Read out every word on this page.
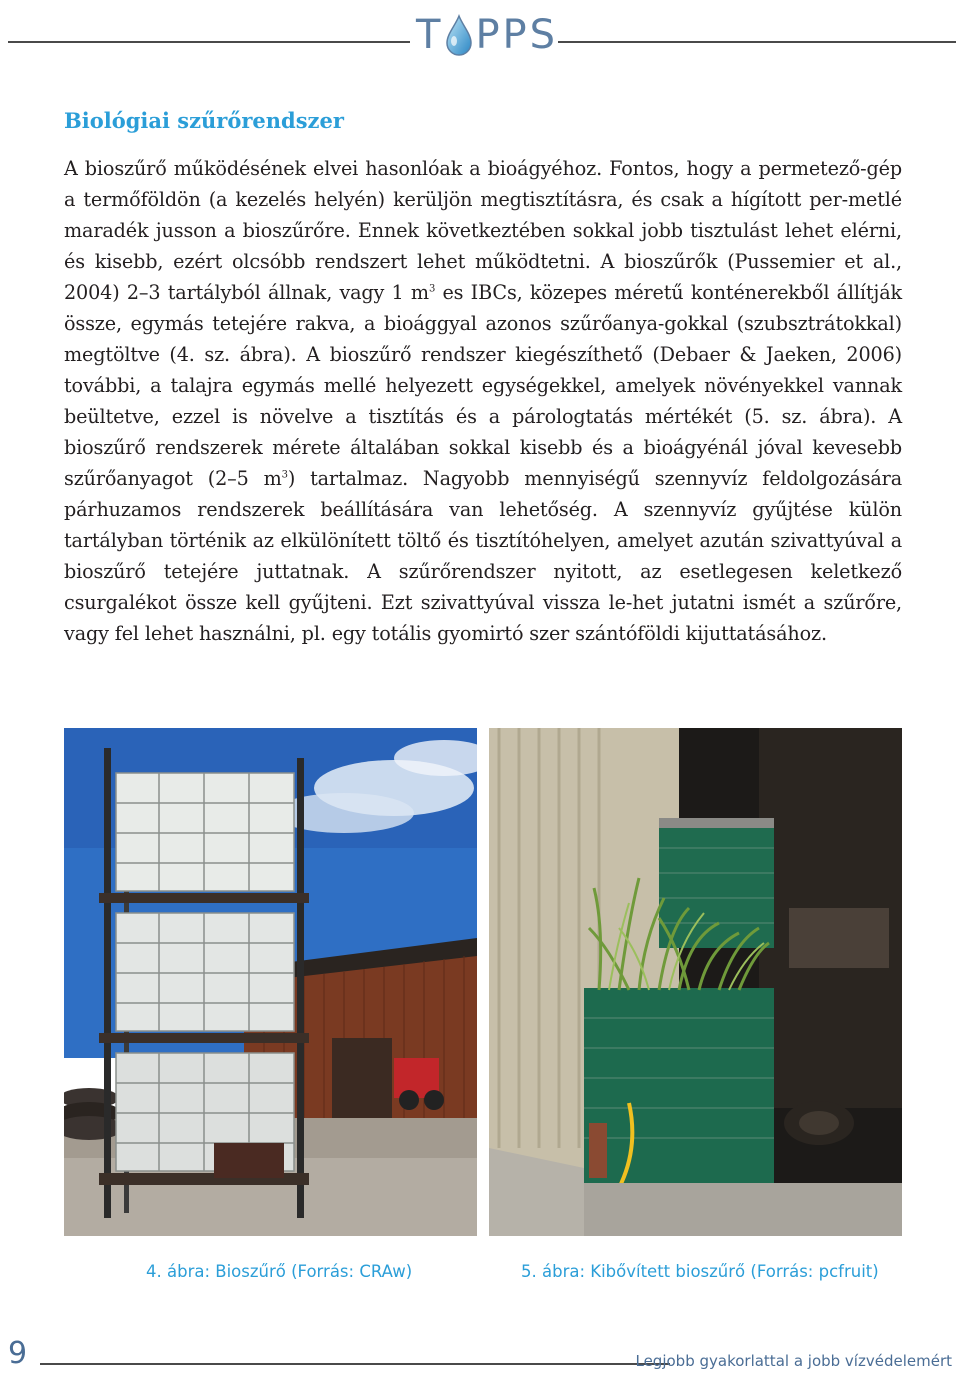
T PPS
Biológiai szűrőrendszer

A bioszűrő működésének elvei hasonlóak a bioágyéhoz. Fontos, hogy a permetező-gép a termőföldön (a kezelés helyén) kerüljön megtisztításra, és csak a hígított per-metlé maradék jusson a bioszűrőre. Ennek következtében sokkal jobb tisztulást lehet elérni, és kisebb, ezért olcsóbb rendszert lehet működtetni. A bioszűrők (Pussemier et al., 2004) 2–3 tartályból állnak, vagy 1 $m^3$ es IBCs, közepes méretű konténerekből állítják össze, egymás tetejére rakva, a bioággyal azonos szűrőanya-gokkal (szubsztrátokkal) megtöltve (4. sz. ábra). A bioszűrő rendszer kiegészíthető (Debaer & Jaeken, 2006) további, a talajra egymás mellé helyezett egységekkel, amelyek növényekkel vannak beültetve, ezzel is növelve a tisztítás és a párologtatás mértékét (5. sz. ábra). A bioszűrő rendszerek mérete általában sokkal kisebb és a bioágyénál jóval kevesebb szűrőanyagot (2–5 $m^3$) tartalmaz. Nagyobb mennyiségű szennyvíz feldolgozására párhuzamos rendszerek beállítására van lehetőség. A szennyvíz gyűjtése külön tartályban történik az elkülönített töltő és tisztítóhelyen, amelyet azután szivattyúval a bioszűrő tetejére juttatnak. A szűrőrendszer nyitott, az esetlegesen keletkező csurgalékot össze kell gyűjteni. Ezt szivattyúval vissza le-het jutatni ismét a szűrőre, vagy fel lehet használni, pl. egy totális gyomirtó szer szántóföldi kijuttatásához.

4. ábra: Bioszűrő (Forrás: CRAw)	5. ábra: Kibővített bioszűrő (Forrás: pcfruit)
9	Legjobb gyakorlattal a jobb vízvédelemért
